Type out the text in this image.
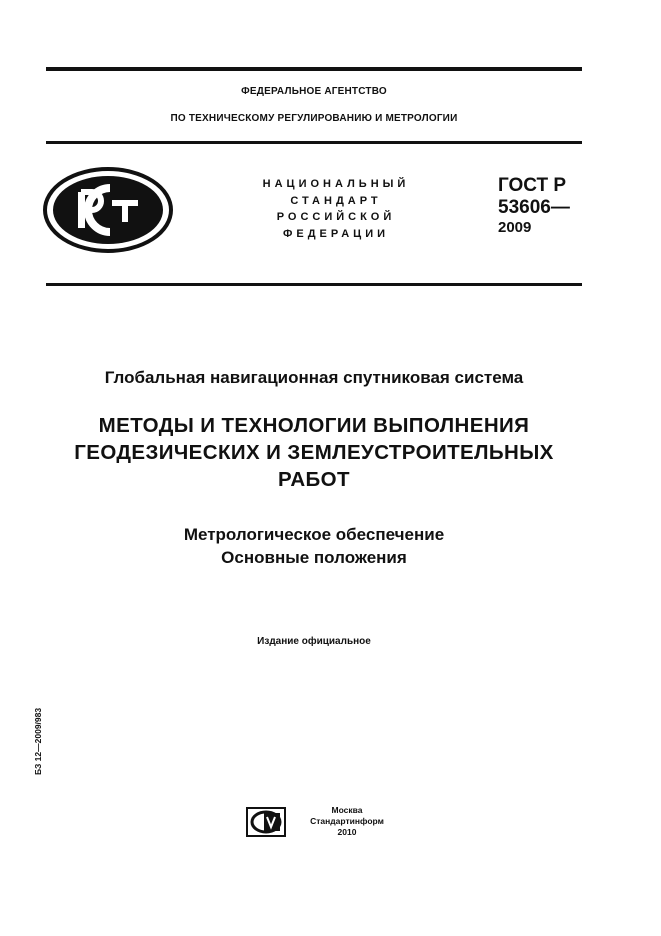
ФЕДЕРАЛЬНОЕ АГЕНТСТВО
ПО ТЕХНИЧЕСКОМУ РЕГУЛИРОВАНИЮ И МЕТРОЛОГИИ
НАЦИОНАЛЬНЫЙ
СТАНДАРТ
РОССИЙСКОЙ
ФЕДЕРАЦИИ
ГОСТ Р
53606—
2009
Глобальная навигационная спутниковая система
МЕТОДЫ И ТЕХНОЛОГИИ ВЫПОЛНЕНИЯ
ГЕОДЕЗИЧЕСКИХ И ЗЕМЛЕУСТРОИТЕЛЬНЫХ
РАБОТ
Метрологическое обеспечение
Основные положения
Издание официальное
БЗ 12—2009/983
Москва
Стандартинформ
2010
